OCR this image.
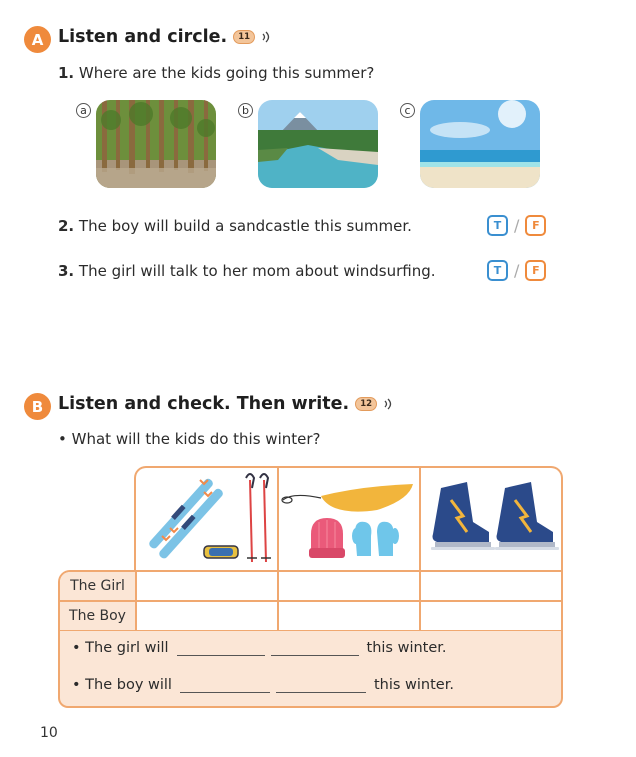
A Listen and circle.	11
1. Where are the kids going this summer?
a	b	c
2. The boy will build a sandcastle this summer.	T /	F
3. The girl will talk to her mom about windsurfing.	T /	F
B Listen and check. Then write.	12
• What will the kids do this winter?
The Girl
The Boy
•
The girl will	this winter.
•
The boy will	this winter.
10
